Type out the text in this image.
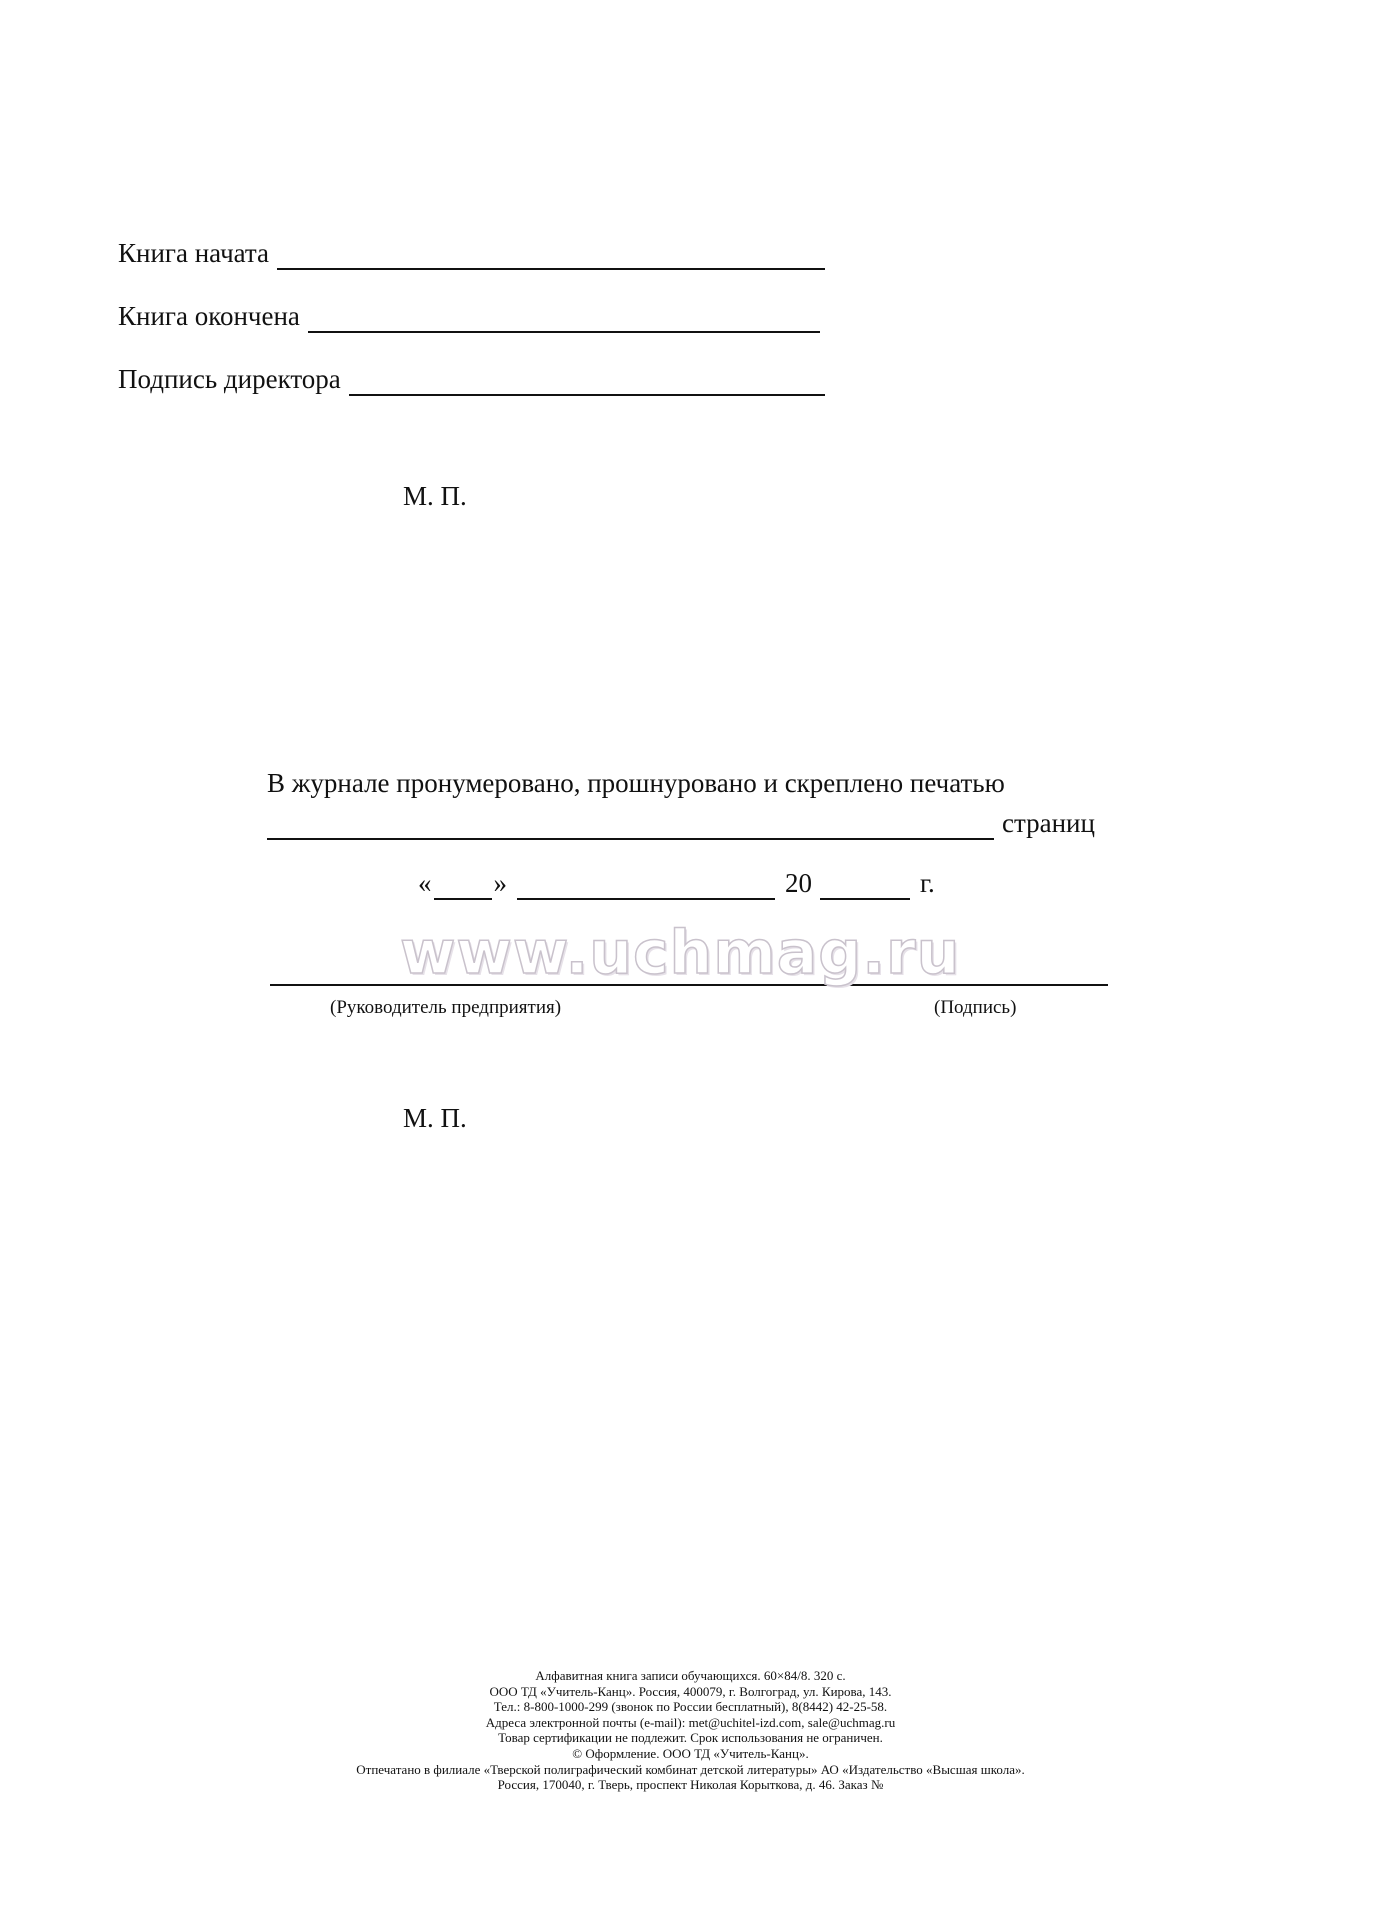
Книга начата
Книга окончена
Подпись директора
М. П.
В журнале пронумеровано, прошнуровано и скреплено печатью
страниц
« »	20	г.
www.uchmag.ru
(Руководитель предприятия)	(Подпись)
М. П.
Алфавитная книга записи обучающихся. 60×84/8. 320 с.
ООО ТД «Учитель-Канц». Россия, 400079, г. Волгоград, ул. Кирова, 143.
Тел.: 8-800-1000-299 (звонок по России бесплатный), 8(8442) 42-25-58.
Адреса электронной почты (e-mail): met@uchitel-izd.com, sale@uchmag.ru
Товар сертификации не подлежит. Срок использования не ограничен.
© Оформление. ООО ТД «Учитель-Канц».
Отпечатано в филиале «Тверской полиграфический комбинат детской литературы» АО «Издательство «Высшая школа».
Россия, 170040, г. Тверь, проспект Николая Корыткова, д. 46. Заказ №
